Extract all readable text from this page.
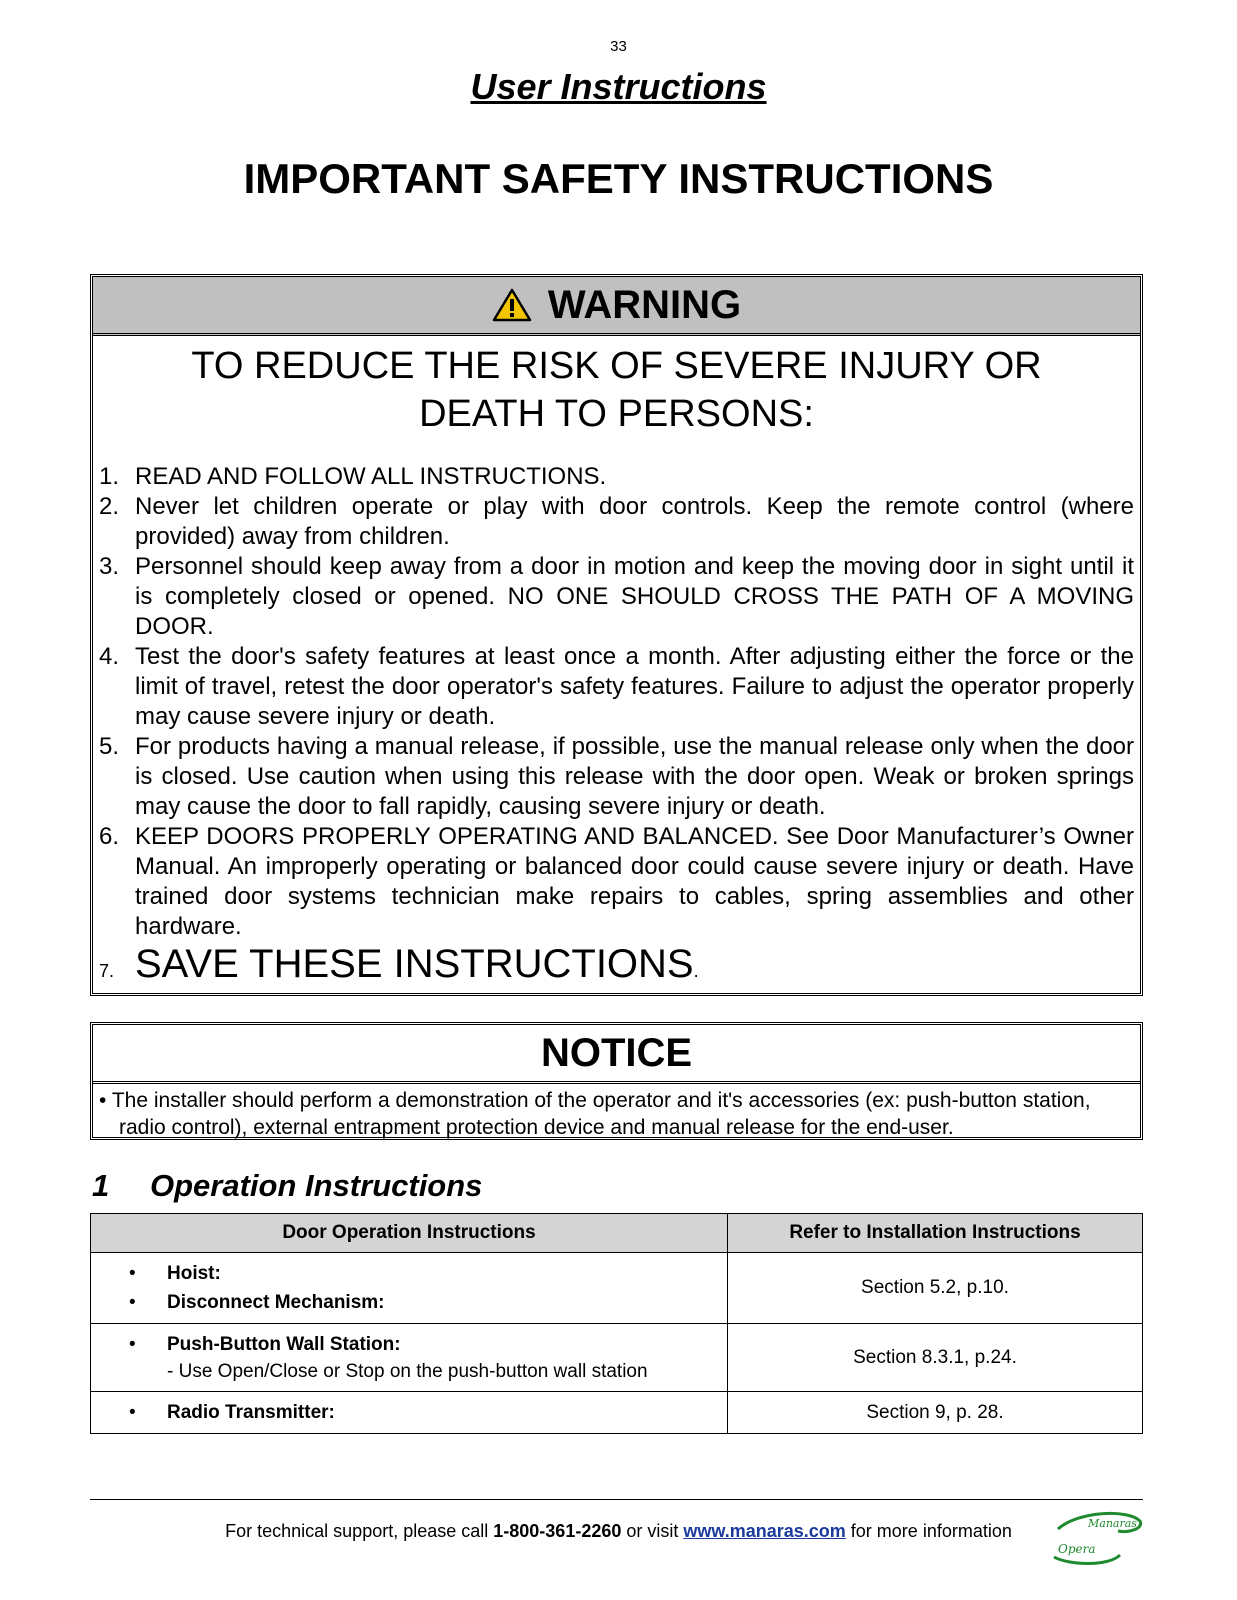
33
User Instructions
IMPORTANT SAFETY INSTRUCTIONS
WARNING
TO REDUCE THE RISK OF SEVERE INJURY OR
DEATH TO PERSONS:
1. READ AND FOLLOW ALL INSTRUCTIONS.
2. Never let children operate or play with door controls. Keep the remote control (where provided) away from children.
3. Personnel should keep away from a door in motion and keep the moving door in sight until it is completely closed or opened. NO ONE SHOULD CROSS THE PATH OF A MOVING DOOR.
4. Test the door's safety features at least once a month. After adjusting either the force or the limit of travel, retest the door operator's safety features. Failure to adjust the operator properly may cause severe injury or death.
5. For products having a manual release, if possible, use the manual release only when the door is closed. Use caution when using this release with the door open. Weak or broken springs may cause the door to fall rapidly, causing severe injury or death.
6. KEEP DOORS PROPERLY OPERATING AND BALANCED. See Door Manufacturer’s Owner Manual. An improperly operating or balanced door could cause severe injury or death. Have trained door systems technician make repairs to cables, spring assemblies and other hardware.
7. SAVE THESE INSTRUCTIONS.
NOTICE
• The installer should perform a demonstration of the operator and it's accessories (ex: push-button station, radio control), external entrapment protection device and manual release for the end-user.
1 Operation Instructions
Door Operation Instructions	Refer to Installation Instructions

• Hoist:
• Disconnect Mechanism:	Section 5.2, p.10.

• Push-Button Wall Station:
- Use Open/Close or Stop on the push-button wall station	Section 8.3.1, p.24.

• Radio Transmitter:	Section 9, p. 28.
For technical support, please call 1-800-361-2260 or visit www.manaras.com for more information	Manaras
Opera
